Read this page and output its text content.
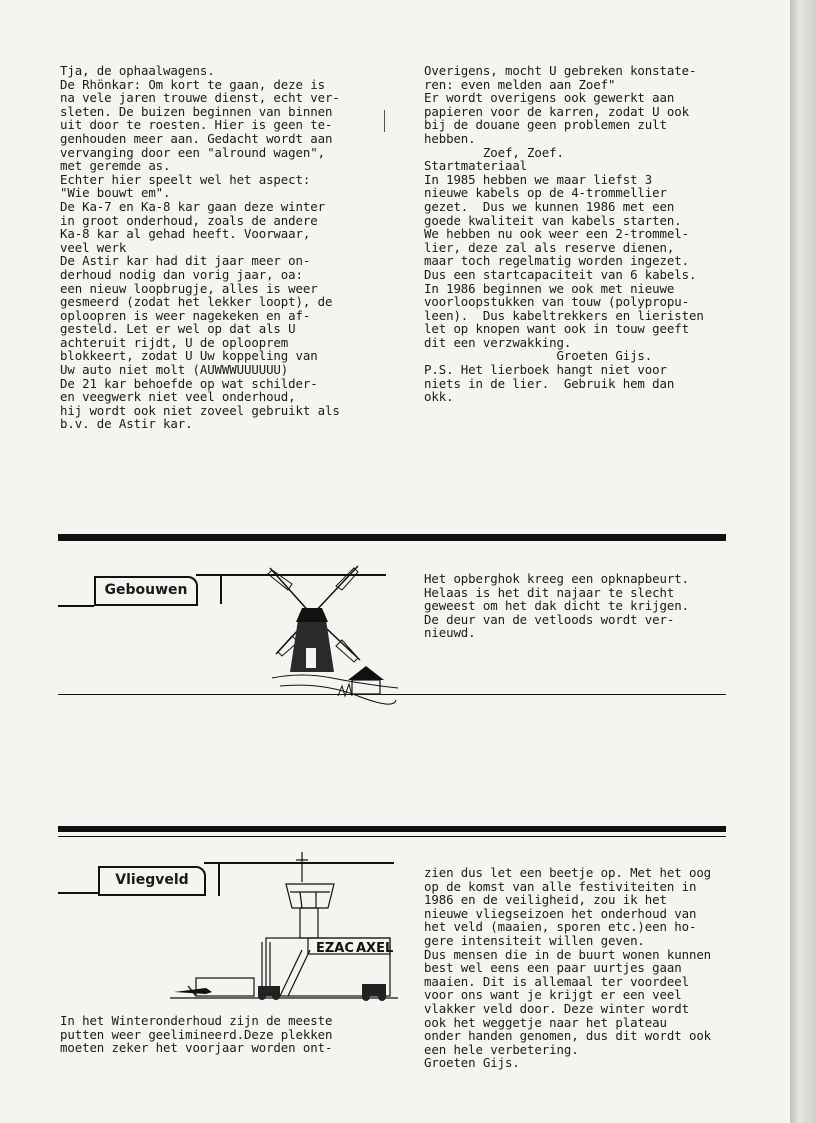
Tja, de ophaalwagens.

De Rhönkar: Om kort te gaan, deze is

na vele jaren trouwe dienst, echt ver-

sleten. De buizen beginnen van binnen

uit door te roesten. Hier is geen te-

genhouden meer aan. Gedacht wordt aan

vervanging door een "alround wagen",

met geremde as.

Echter hier speelt wel het aspect:

"Wie bouwt em".

De Ka-7 en Ka-8 kar gaan deze winter

in groot onderhoud, zoals de andere

Ka-8 kar al gehad heeft. Voorwaar,

veel werk

De Astir kar had dit jaar meer on-

derhoud nodig dan vorig jaar, oa:

een nieuw loopbrugje, alles is weer

gesmeerd (zodat het lekker loopt), de

oploopren is weer nagekeken en af-

gesteld. Let er wel op dat als U

achteruit rijdt, U de oplooprem

blokkeert, zodat U Uw koppeling van

Uw auto niet molt (AUWWWUUUUUU)

De 21 kar behoefde op wat schilder-

en veegwerk niet veel onderhoud,

hij wordt ook niet zoveel gebruikt als

b.v. de Astir kar.

Overigens, mocht U gebreken konstate-

ren: even melden aan Zoef"

Er wordt overigens ook gewerkt aan

papieren voor de karren, zodat U ook

bij de douane geen problemen zult

hebben.

Zoef, Zoef.

Startmateriaal

In 1985 hebben we maar liefst 3

nieuwe kabels op de 4-trommellier

gezet.  Dus we kunnen 1986 met een

goede kwaliteit van kabels starten.

We hebben nu ook weer een 2-trommel-

lier, deze zal als reserve dienen,

maar toch regelmatig worden ingezet.

Dus een startcapaciteit van 6 kabels.

In 1986 beginnen we ook met nieuwe

voorloopstukken van touw (polypropu-

leen).  Dus kabeltrekkers en lieristen

let op knopen want ook in touw geeft

dit een verzwakking.

Groeten Gijs.

P.S. Het lierboek hangt niet voor

niets in de lier.  Gebruik hem dan

okk.

Gebouwen

Het opberghok kreeg een opknapbeurt.

Helaas is het dit najaar te slecht

geweest om het dak dicht te krijgen.

De deur van de vetloods wordt ver-

nieuwd.

Vliegveld
EZAC AXEL

In het Winteronderhoud zijn de meeste

putten weer geelimineerd.Deze plekken

moeten zeker het voorjaar worden ont-

zien dus let een beetje op. Met het oog

op de komst van alle festiviteiten in

1986 en de veiligheid, zou ik het

nieuwe vliegseizoen het onderhoud van

het veld (maaien, sporen etc.)een ho-

gere intensiteit willen geven.

Dus mensen die in de buurt wonen kunnen

best wel eens een paar uurtjes gaan

maaien. Dit is allemaal ter voordeel

voor ons want je krijgt er een veel

vlakker veld door. Deze winter wordt

ook het weggetje naar het plateau

onder handen genomen, dus dit wordt ook

een hele verbetering.

Groeten Gijs.
